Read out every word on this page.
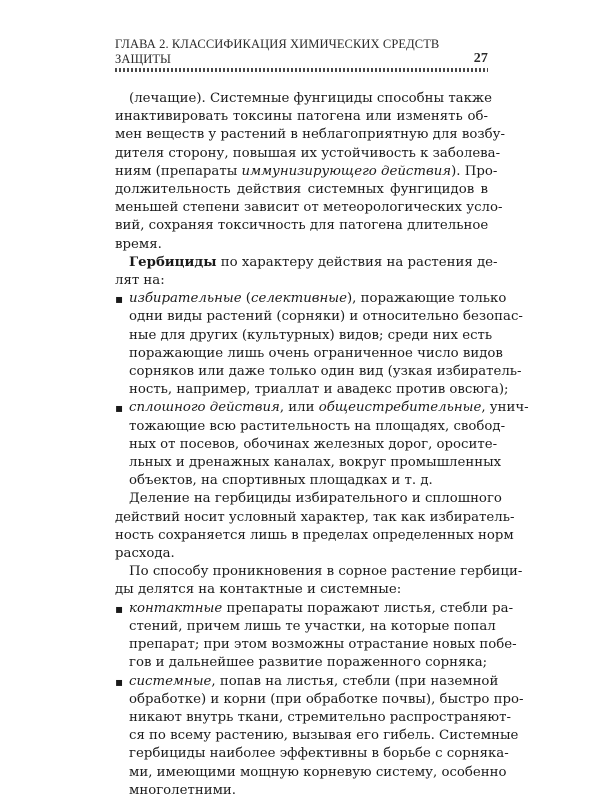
ГЛАВА 2. КЛАССИФИКАЦИЯ ХИМИЧЕСКИХ СРЕДСТВ ЗАЩИТЫ	27

(лечащие). Системные фунгициды способны также
инактивировать токсины патогена или изменять об-
мен веществ у растений в неблагоприятную для возбу-
дителя сторону, повышая их устойчивость к заболева-
ниям (препараты иммунизирующего действия). Про-
должительность действия системных фунгицидов в
меньшей степени зависит от метеорологических усло-
вий, сохраняя токсичность для патогена длительное
время.

Гербициды по характеру действия на растения де-
лят на:

▪ избирательные (селективные), поражающие только
одни виды растений (сорняки) и относительно безопас-
ные для других (культурных) видов; среди них есть
поражающие лишь очень ограниченное число видов
сорняков или даже только один вид (узкая избиратель-
ность, например, триаллат и авадекс против овсюга);

▪ сплошного действия, или общеистребительные, унич-
тожающие всю растительность на площадях, свобод-
ных от посевов, обочинах железных дорог, оросите-
льных и дренажных каналах, вокруг промышленных
объектов, на спортивных площадках и т. д.

Деление на гербициды избирательного и сплошного
действий носит условный характер, так как избиратель-
ность сохраняется лишь в пределах определенных норм
расхода.

По способу проникновения в сорное растение гербици-
ды делятся на контактные и системные:

▪ контактные препараты поражают листья, стебли ра-
стений, причем лишь те участки, на которые попал
препарат; при этом возможны отрастание новых побе-
гов и дальнейшее развитие пораженного сорняка;

▪ системные, попав на листья, стебли (при наземной
обработке) и корни (при обработке почвы), быстро про-
никают внутрь ткани, стремительно распространяют-
ся по всему растению, вызывая его гибель. Системные
гербициды наиболее эффективны в борьбе с сорняка-
ми, имеющими мощную корневую систему, особенно
многолетними.
